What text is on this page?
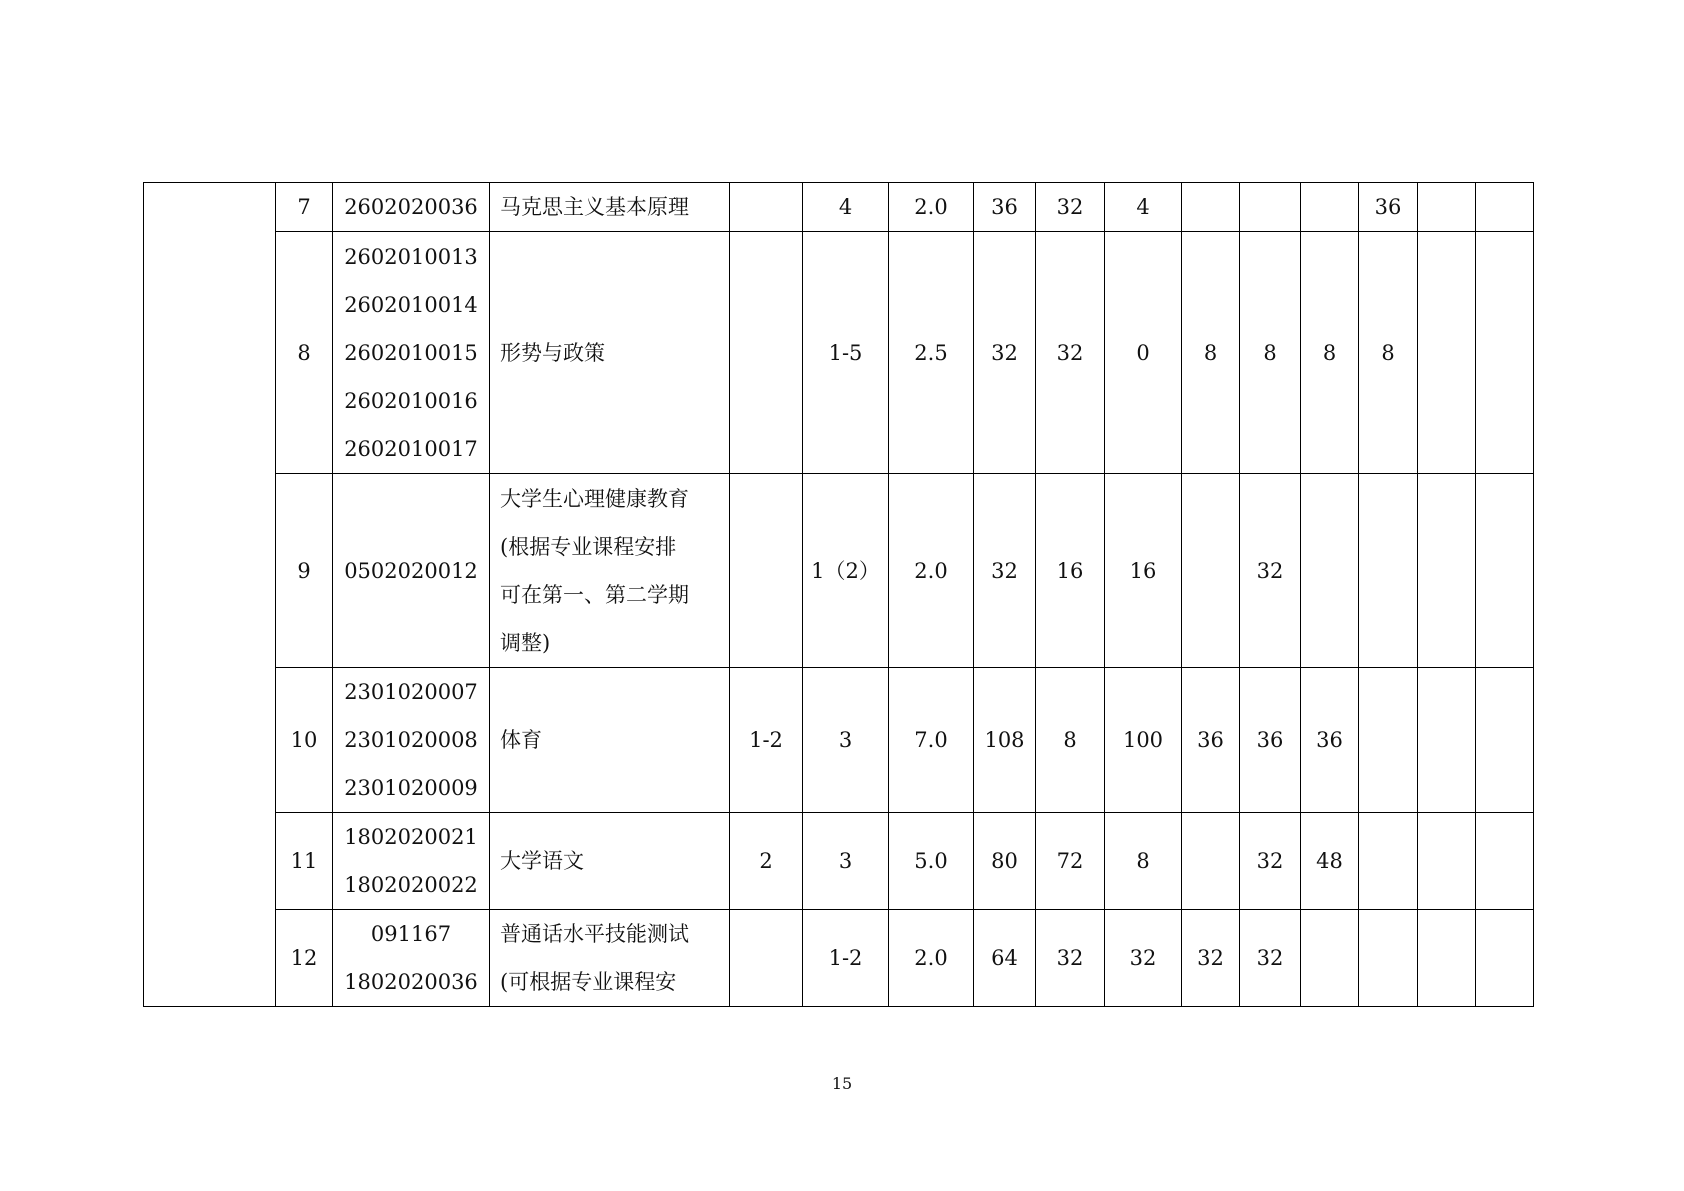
	7	2602020036	马克思主义基本原理		4	2.0	36	32	4				36		
	8	2602010013
2602010014
2602010015
2602010016
2602010017	形势与政策		1-5	2.5	32	32	0	8	8	8	8		
	9	0502020012	大学生心理健康教育
(根据专业课程安排
可在第一、第二学期
调整)		1（2）	2.0	32	16	16		32				
	10	2301020007
2301020008
2301020009	体育	1-2	3	7.0	108	8	100	36	36	36			
	11	1802020021
1802020022	大学语文	2	3	5.0	80	72	8		32	48			
	12	091167
1802020036	普通话水平技能测试
(可根据专业课程安		1-2	2.0	64	32	32	32	32				
15
